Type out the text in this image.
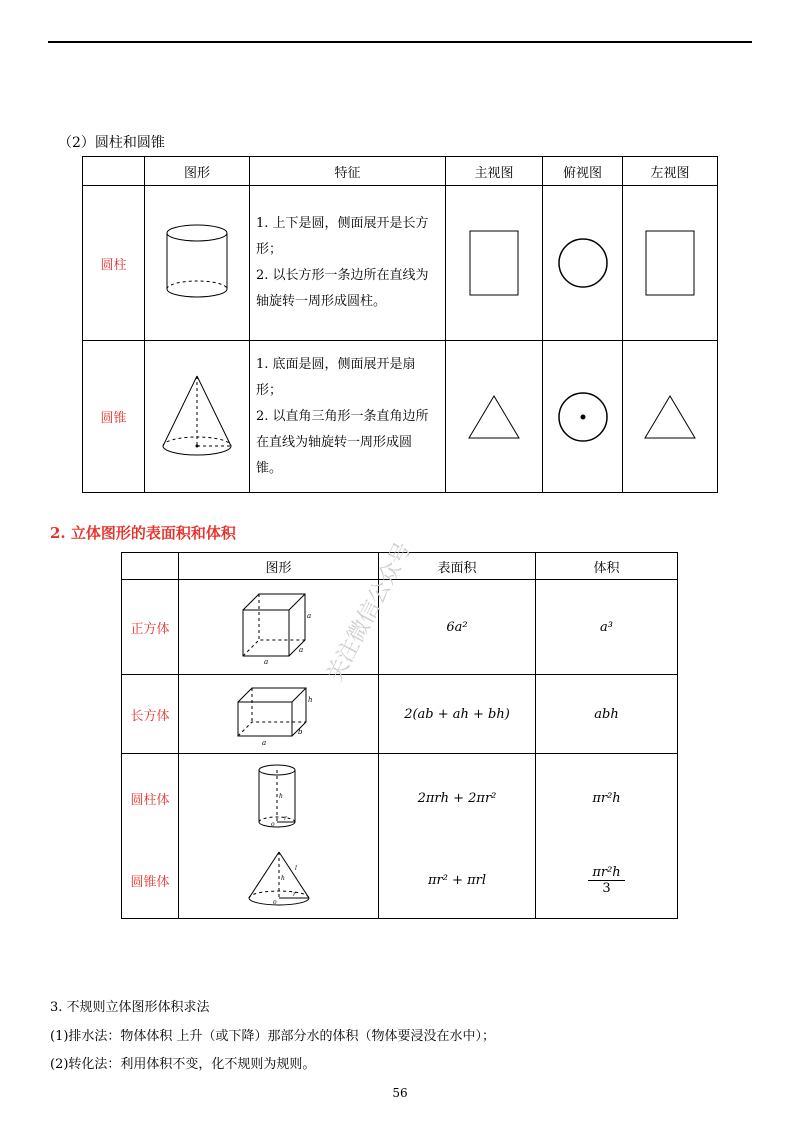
（2）圆柱和圆锥
	图形	特征	主视图	俯视图	左视图
圆柱		1. 上下是圆，侧面展开是长方
形；
2. 以长方形一条边所在直线为
轴旋转一周形成圆柱。

圆锥		1. 底面是圆，侧面展开是扇形；
2. 以直角三角形一条直角边所
在直线为轴旋转一周形成圆
锥。

2. 立体图形的表面积和体积
	图形	表面积	体积
正方体	a
a
a	6a²	a³
长方体	h
b
a	2(ab + ah + bh)	abh
圆柱体	h
o
r	2πrh + 2πr²	πr²h
圆锥体	l
h
o
r	πr² + πrl	$\frac{\text{πr²h}}{3}$
关注微信公众号
3. 不规则立体图形体积求法
(1)排水法：物体体积 上升（或下降）那部分水的体积（物体要浸没在水中）；
(2)转化法：利用体积不变，化不规则为规则。
56
